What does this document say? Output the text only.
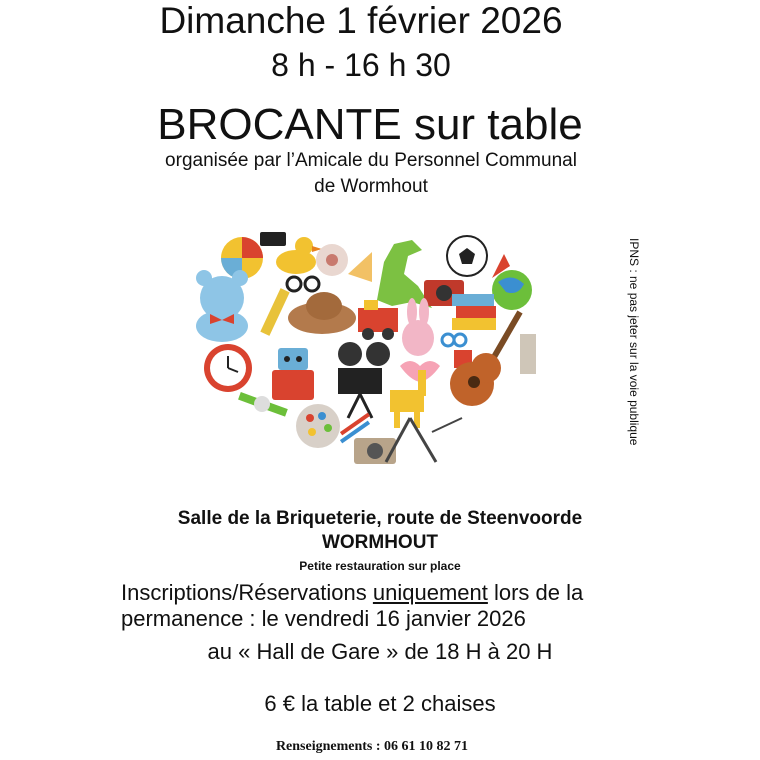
Dimanche 1 février 2026
8 h - 16 h 30
BROCANTE sur table
organisée par l’Amicale du Personnel Communal
de Wormhout
IPNS : ne pas jeter sur la voie publique
Salle de la Briqueterie, route de Steenvoorde
WORMHOUT
Petite restauration sur place
Inscriptions/Réservations uniquement lors de la
permanence : le vendredi 16 janvier 2026
au « Hall de Gare » de 18 H à 20 H
6 € la table et 2 chaises
Renseignements : 06 61 10 82 71
